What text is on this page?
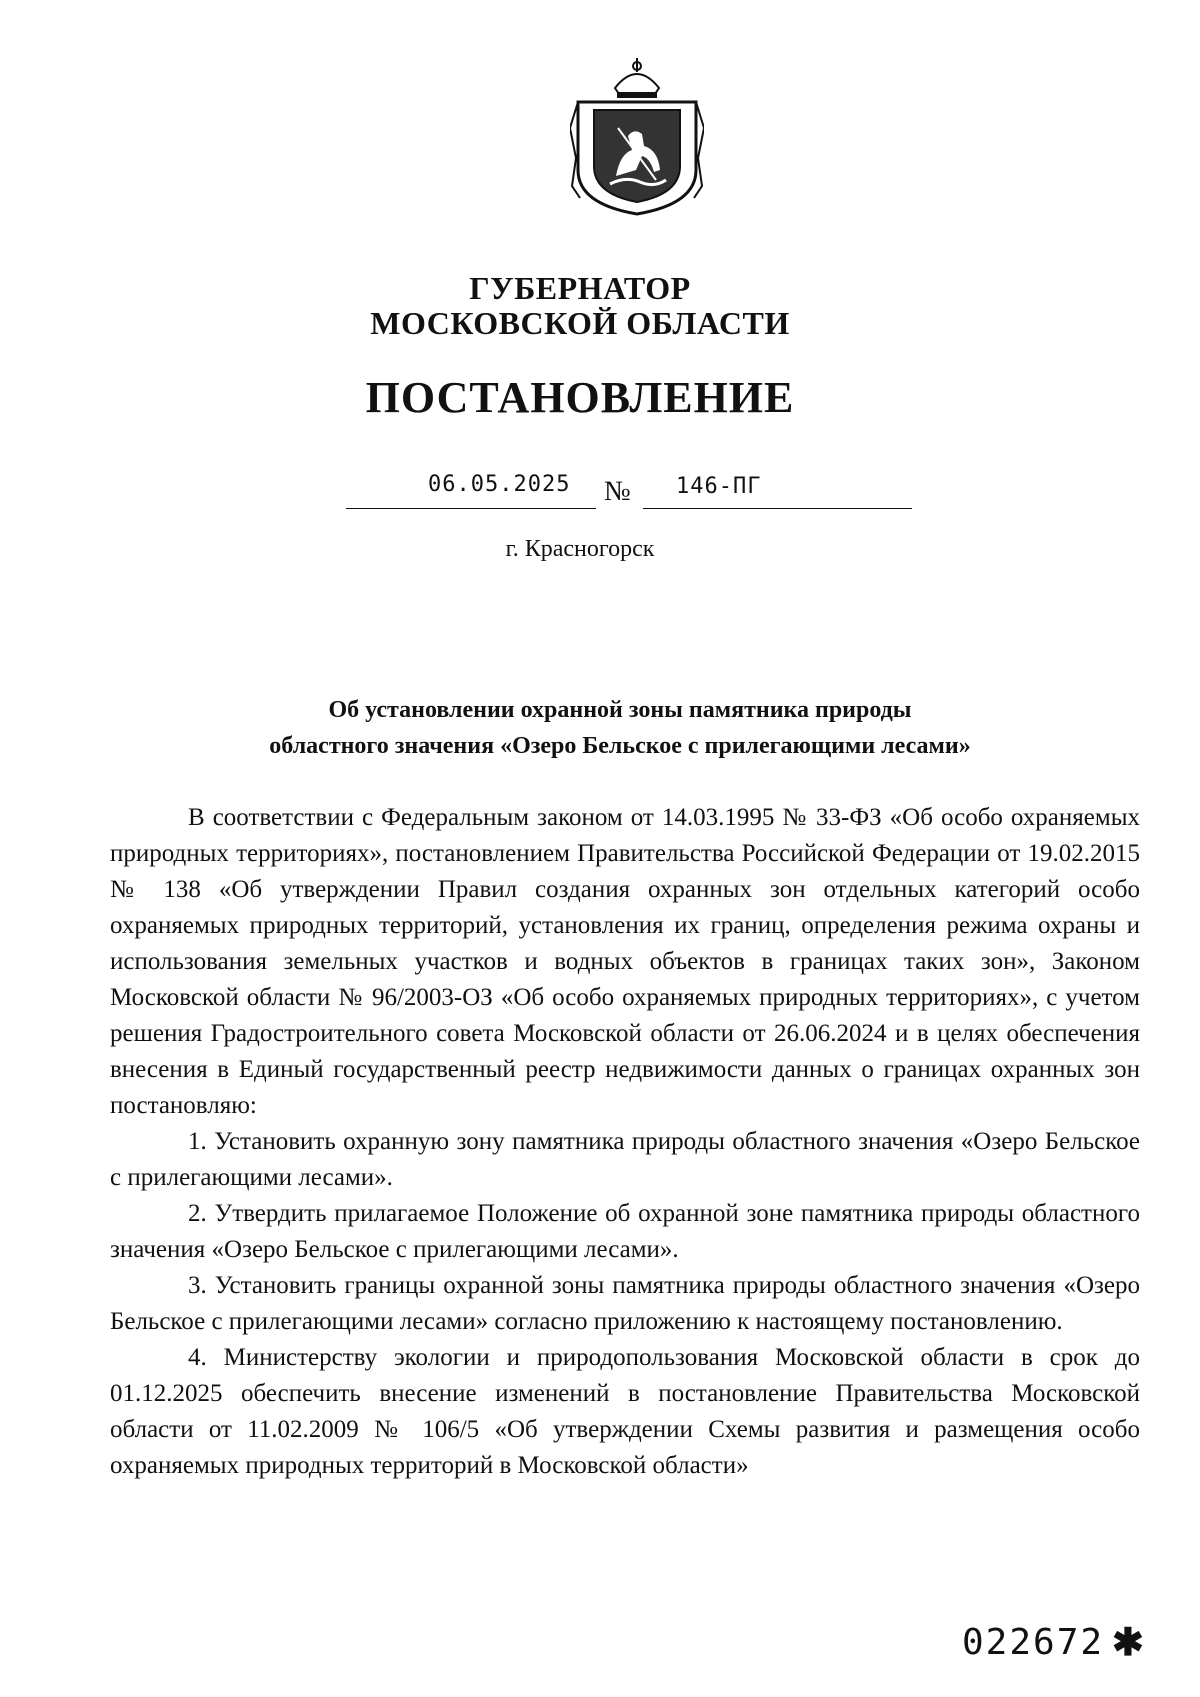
ГУБЕРНАТОР
МОСКОВСКОЙ ОБЛАСТИ
ПОСТАНОВЛЕНИЕ
06.05.2025 № 146-ПГ
г. Красногорск
Об установлении охранной зоны памятника природы
областного значения «Озеро Бельское с прилегающими лесами»

В соответствии с Федеральным законом от 14.03.1995 № 33-ФЗ «Об особо охраняемых природных территориях», постановлением Правительства Российской Федерации от 19.02.2015 № 138 «Об утверждении Правил создания охранных зон отдельных категорий особо охраняемых природных территорий, установления их границ, определения режима охраны и использования земельных участков и водных объектов в границах таких зон», Законом Московской области № 96/2003-ОЗ «Об особо охраняемых природных территориях», с учетом решения Градостроительного совета Московской области от 26.06.2024 и в целях обеспечения внесения в Единый государственный реестр недвижимости данных о границах охранных зон постановляю:

1. Установить охранную зону памятника природы областного значения «Озеро Бельское с прилегающими лесами».

2. Утвердить прилагаемое Положение об охранной зоне памятника природы областного значения «Озеро Бельское с прилегающими лесами».

3. Установить границы охранной зоны памятника природы областного значения «Озеро Бельское с прилегающими лесами» согласно приложению к настоящему постановлению.

4. Министерству экологии и природопользования Московской области в срок до 01.12.2025 обеспечить внесение изменений в постановление Правительства Московской области от 11.02.2009 № 106/5 «Об утверждении Схемы развития и размещения особо охраняемых природных территорий в Московской области»

022672 ✱
